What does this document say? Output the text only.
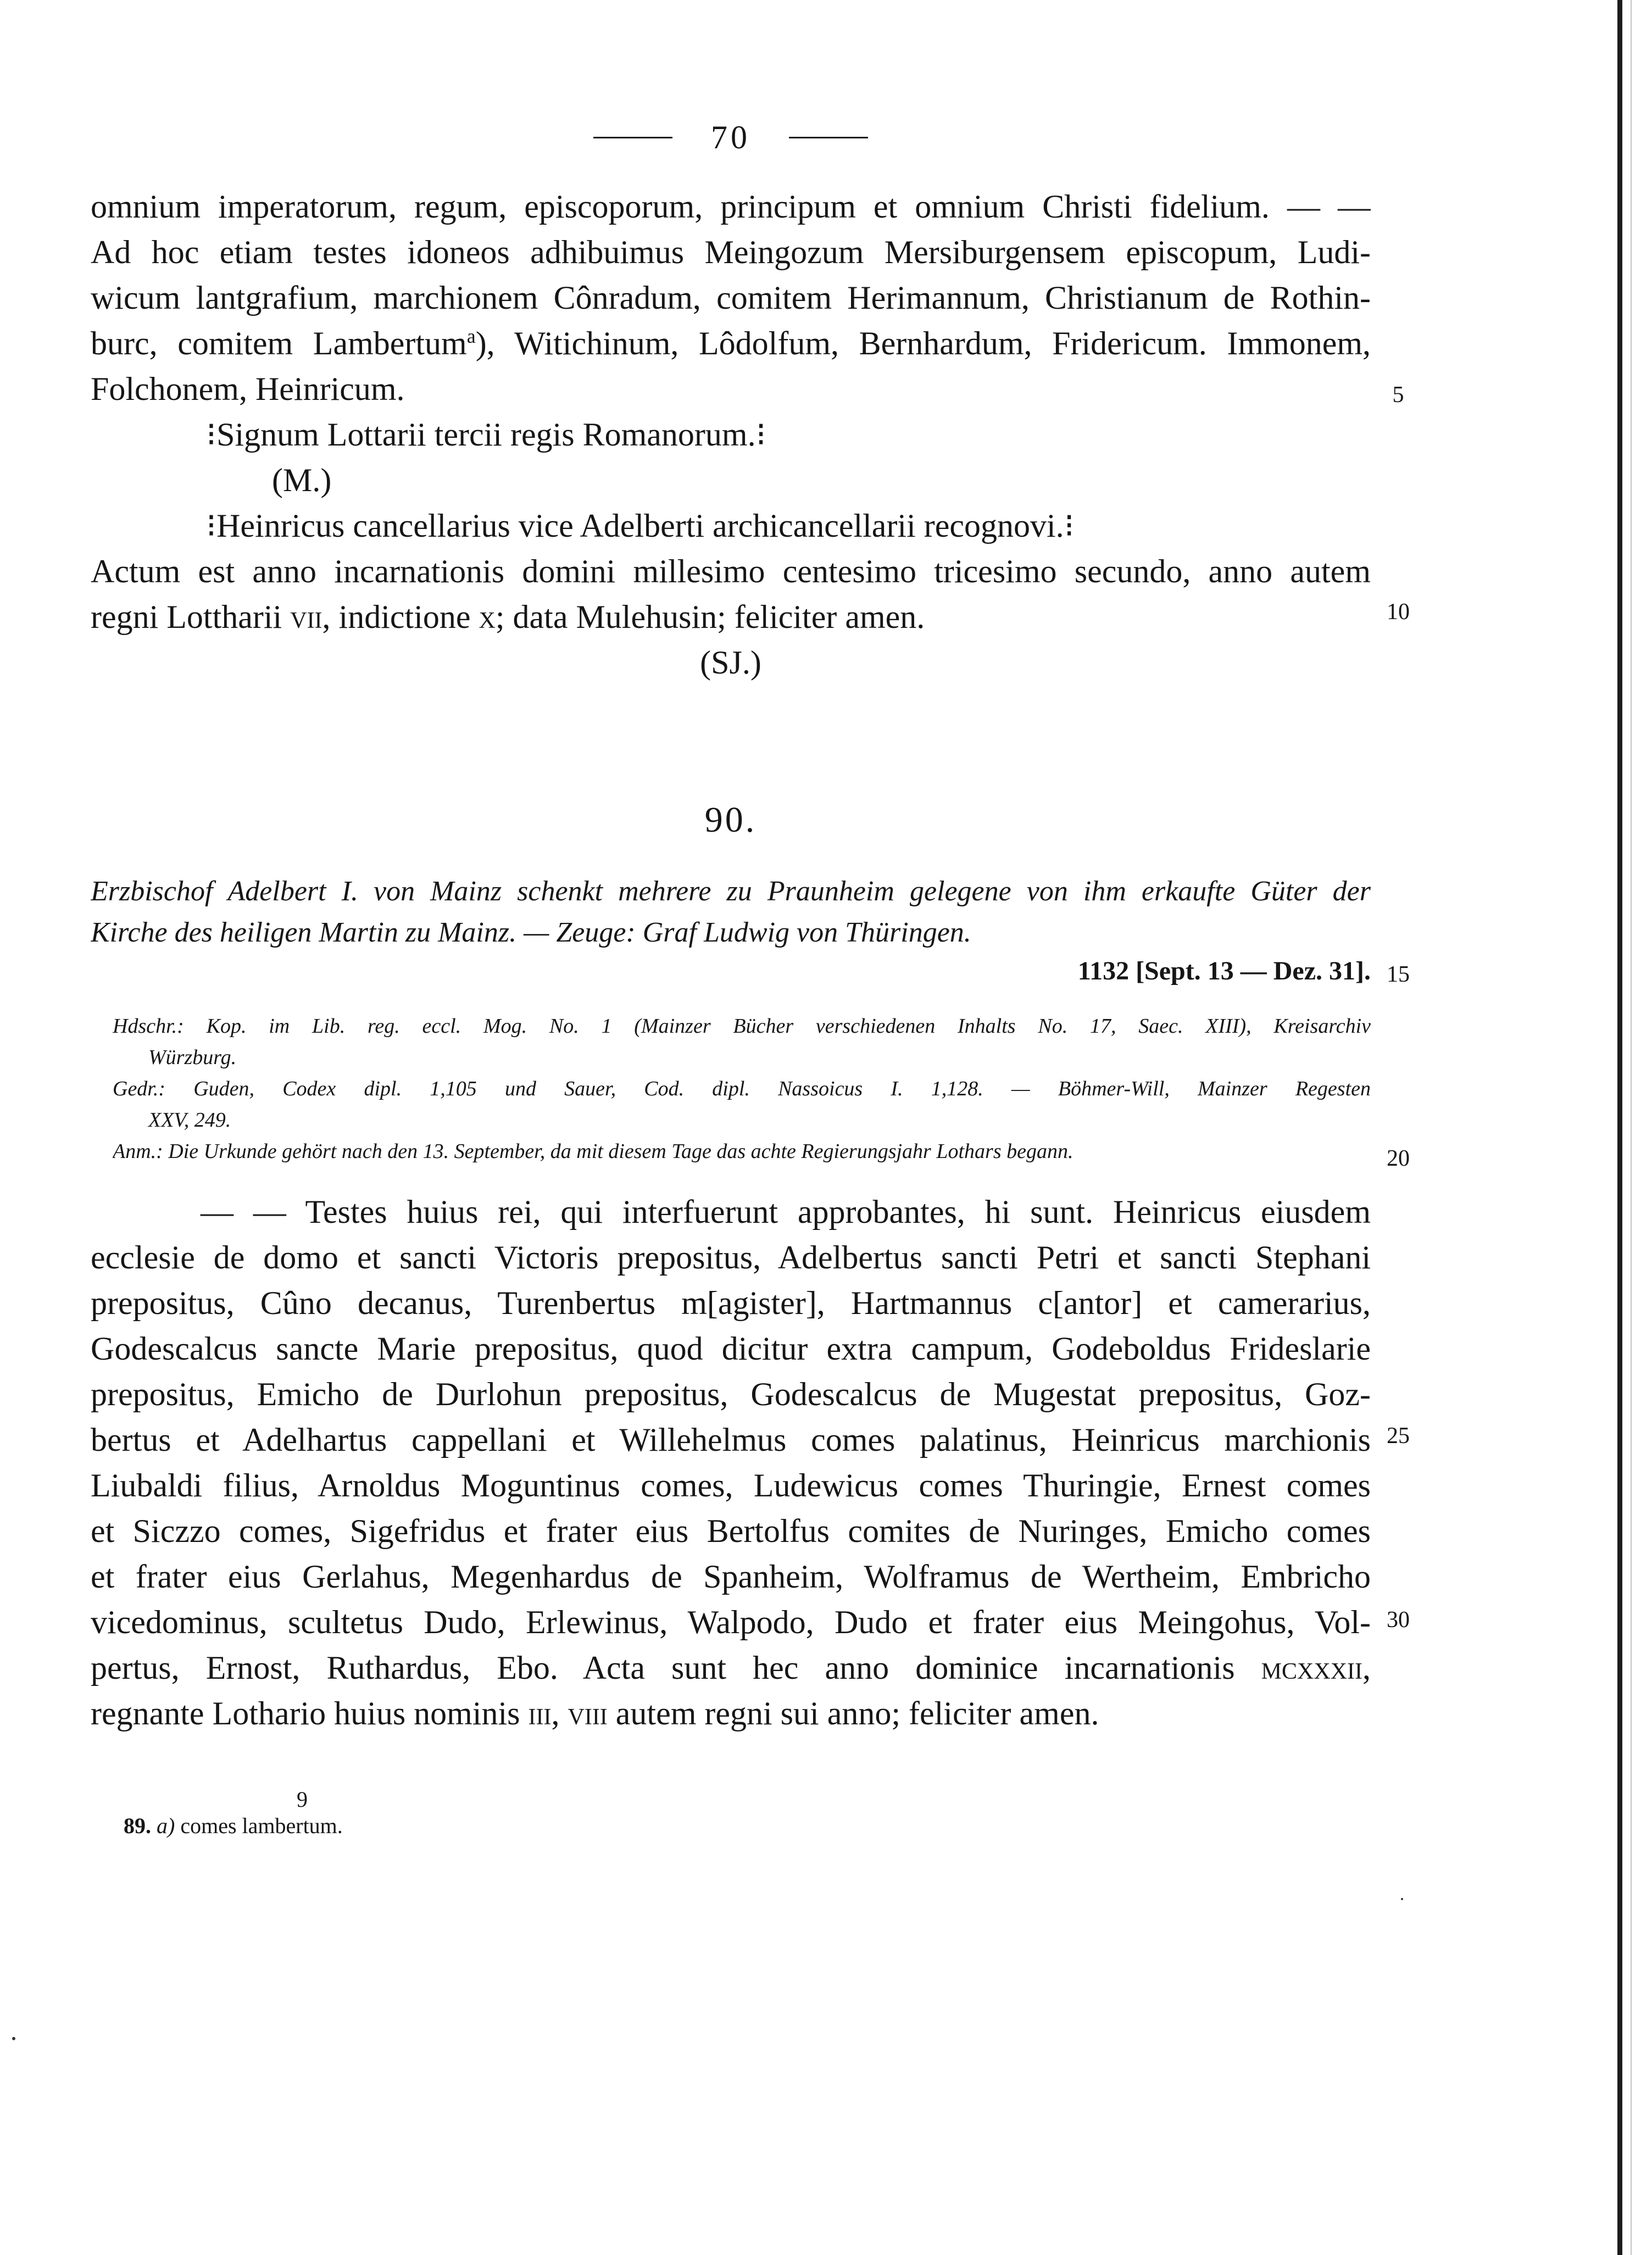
70
omnium imperatorum, regum, episcoporum, principum et omnium Christi fidelium. — —
Ad hoc etiam testes idoneos adhibuimus Meingozum Mersiburgensem episcopum, Ludi-
wicum lantgrafium, marchionem Cônradum, comitem Herimannum, Christianum de Rothin-
burc, comitem Lambertum$^a$), Witichinum, Lôdolfum, Bernhardum, Fridericum. Immonem,
Folchonem, Heinricum.
⁝Signum Lottarii tercii regis Romanorum.⁝
(M.)
⁝Heinricus cancellarius vice Adelberti archicancellarii recognovi.⁝
Actum est anno incarnationis domini millesimo centesimo tricesimo secundo, anno autem
regni Lottharii vii, indictione x; data Mulehusin; feliciter amen.
(SJ.)
5
10
15
20
25
30
90.
Erzbischof Adelbert I. von Mainz schenkt mehrere zu Praunheim gelegene von ihm erkaufte Güter der
Kirche des heiligen Martin zu Mainz. — Zeuge: Graf Ludwig von Thüringen.
1132 [Sept. 13 — Dez. 31].
Hdschr.: Kop. im Lib. reg. eccl. Mog. No. 1 (Mainzer Bücher verschiedenen Inhalts No. 17, Saec. XIII), Kreisarchiv
Würzburg.
Gedr.: Guden, Codex dipl. 1,105 und Sauer, Cod. dipl. Nassoicus I. 1,128. — Böhmer-Will, Mainzer Regesten
XXV, 249.
Anm.: Die Urkunde gehört nach den 13. September, da mit diesem Tage das achte Regierungsjahr Lothars begann.
— — Testes huius rei, qui interfuerunt approbantes, hi sunt. Heinricus eiusdem
ecclesie de domo et sancti Victoris prepositus, Adelbertus sancti Petri et sancti Stephani
prepositus, Cûno decanus, Turenbertus m[agister], Hartmannus c[antor] et camerarius,
Godescalcus sancte Marie prepositus, quod dicitur extra campum, Godeboldus Frideslarie
prepositus, Emicho de Durlohun prepositus, Godescalcus de Mugestat prepositus, Goz-
bertus et Adelhartus cappellani et Willehelmus comes palatinus, Heinricus marchionis
Liubaldi filius, Arnoldus Moguntinus comes, Ludewicus comes Thuringie, Ernest comes
et Siczzo comes, Sigefridus et frater eius Bertolfus comites de Nuringes, Emicho comes
et frater eius Gerlahus, Megenhardus de Spanheim, Wolframus de Wertheim, Embricho
vicedominus, scultetus Dudo, Erlewinus, Walpodo, Dudo et frater eius Meingohus, Vol-
pertus, Ernost, Ruthardus, Ebo. Acta sunt hec anno dominice incarnationis mcxxxii,
regnante Lothario huius nominis iii, viii autem regni sui anno; feliciter amen.
9
89. a) comes lambertum.
